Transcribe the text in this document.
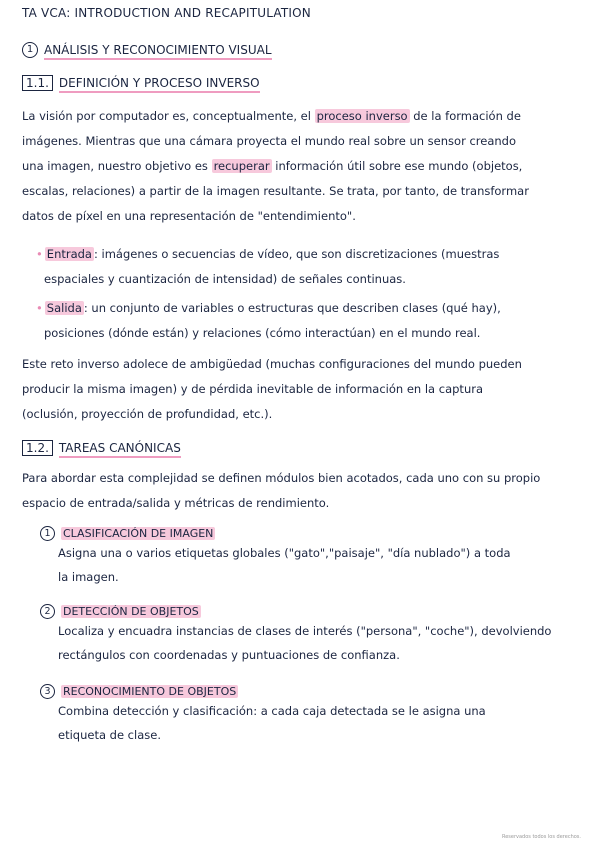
TA VCA: INTRODUCTION AND RECAPITULATION
1 ANÁLISIS Y RECONOCIMIENTO VISUAL
1.1. DEFINICIÓN Y PROCESO INVERSO
La visión por computador es, conceptualmente, el proceso inverso de la formación de
imágenes. Mientras que una cámara proyecta el mundo real sobre un sensor creando
una imagen, nuestro objetivo es recuperar información útil sobre ese mundo (objetos,
escalas, relaciones) a partir de la imagen resultante. Se trata, por tanto, de transformar
datos de píxel en una representación de "entendimiento".
• Entrada : imágenes o secuencias de vídeo, que son discretizaciones (muestras
espaciales y cuantización de intensidad) de señales continuas.
• Salida : un conjunto de variables o estructuras que describen clases (qué hay),
posiciones (dónde están) y relaciones (cómo interactúan) en el mundo real.
Este reto inverso adolece de ambigüedad (muchas configuraciones del mundo pueden
producir la misma imagen) y de pérdida inevitable de información en la captura
(oclusión, proyección de profundidad, etc.).
1.2. TAREAS CANÓNICAS
Para abordar esta complejidad se definen módulos bien acotados, cada uno con su propio
espacio de entrada/salida y métricas de rendimiento.
1 CLASIFICACIÓN DE IMAGEN
Asigna una o varios etiquetas globales ("gato","paisaje", "día nublado") a toda
la imagen.
2 DETECCIÓN DE OBJETOS
Localiza y encuadra instancias de clases de interés ("persona", "coche"), devolviendo
rectángulos con coordenadas y puntuaciones de confianza.
3 RECONOCIMIENTO DE OBJETOS
Combina detección y clasificación: a cada caja detectada se le asigna una
etiqueta de clase.
Reservados todos los derechos.
